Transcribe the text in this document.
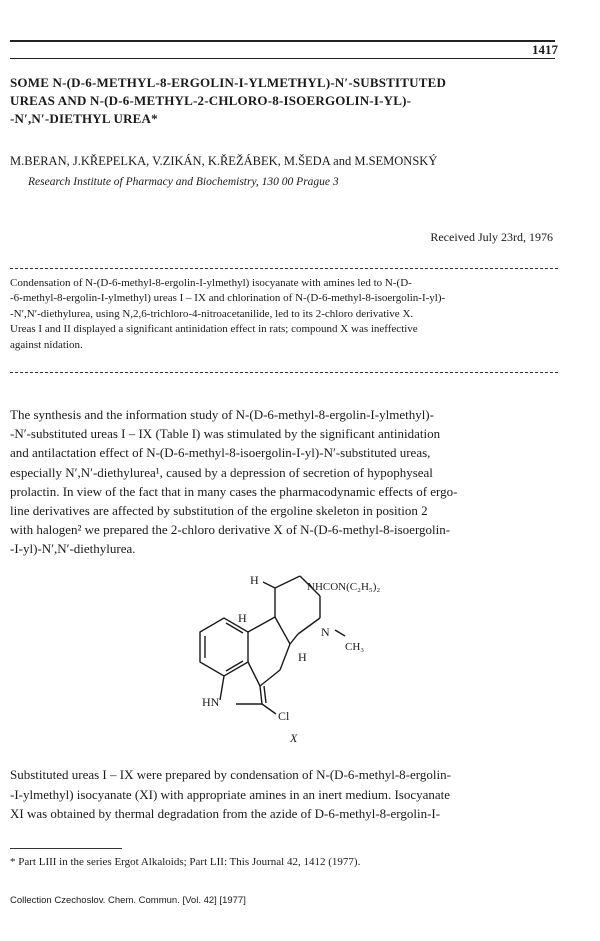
1417
SOME N-(D-6-METHYL-8-ERGOLIN-I-YLMETHYL)-N′-SUBSTITUTED
UREAS AND N-(D-6-METHYL-2-CHLORO-8-ISOERGOLIN-I-YL)-
-N′,N′-DIETHYL UREA*
M.BERAN, J.KŘEPELKA, V.ZIKÁN, K.ŘEŽÁBEK, M.ŠEDA and M.SEMONSKÝ
Research Institute of Pharmacy and Biochemistry, 130 00 Prague 3
Received July 23rd, 1976
Condensation of N-(D-6-methyl-8-ergolin-I-ylmethyl) isocyanate with amines led to N-(D-
-6-methyl-8-ergolin-I-ylmethyl) ureas I – IX and chlorination of N-(D-6-methyl-8-isoergolin-I-yl)-
-N′,N′-diethylurea, using N,2,6-trichloro-4-nitroacetanilide, led to its 2-chloro derivative X.
Ureas I and II displayed a significant antinidation effect in rats; compound X was ineffective
against nidation.
The synthesis and the information study of N-(D-6-methyl-8-ergolin-I-ylmethyl)-
-N′-substituted ureas I – IX (Table I) was stimulated by the significant antinidation
and antilactation effect of N-(D-6-methyl-8-isoergolin-I-yl)-N′-substituted ureas,
especially N′,N′-diethylurea¹, caused by a depression of secretion of hypophyseal
prolactin. In view of the fact that in many cases the pharmacodynamic effects of ergo-
line derivatives are affected by substitution of the ergoline skeleton in position 2
with halogen² we prepared the 2-chloro derivative X of N-(D-6-methyl-8-isoergolin-
-I-yl)-N′,N′-diethylurea.
H	NHCON(C₂H₅)₂
H
N
CH₃
H
HN
Cl
X
Substituted ureas I – IX were prepared by condensation of N-(D-6-methyl-8-ergolin-
-I-ylmethyl) isocyanate (XI) with appropriate amines in an inert medium. Isocyanate
XI was obtained by thermal degradation from the azide of D-6-methyl-8-ergolin-I-
* Part LIII in the series Ergot Alkaloids; Part LII: This Journal 42, 1412 (1977).
Collection Czechoslov. Chem. Commun. [Vol. 42] [1977]
